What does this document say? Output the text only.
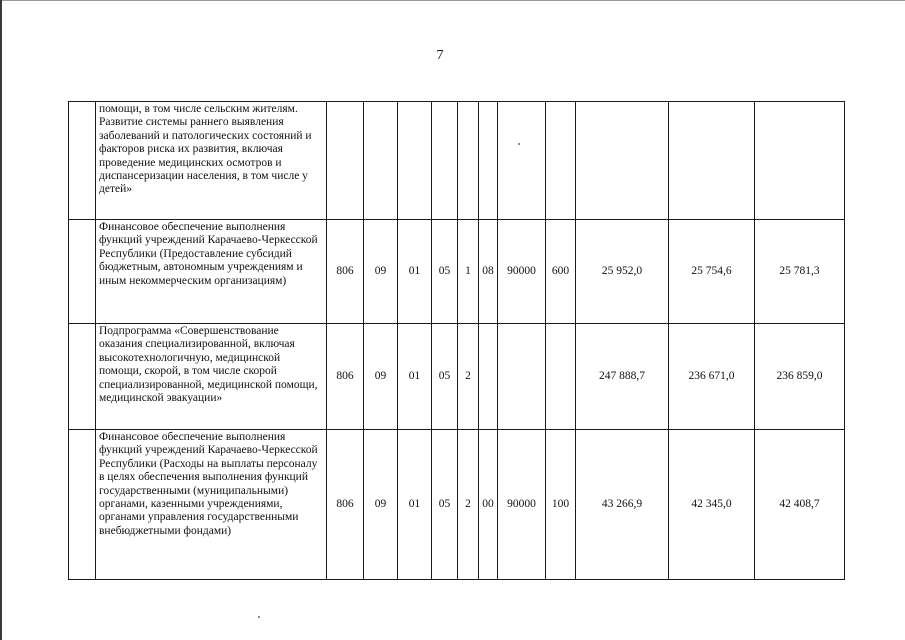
7
	помощи, в том числе сельским жителям. Развитие системы раннего выявления заболеваний и патологических состояний и факторов риска их развития, включая проведение медицинских осмотров и диспансеризации населения, в том числе у детей»											
	Финансовое обеспечение выполнения функций учреждений Карачаево-Черкесской Республики (Предоставление субсидий бюджетным, автономным учреждениям и иным некоммерческим организациям)	806	09	01	05	1	08	90000	600	25 952,0	25 754,6	25 781,3
	Подпрограмма «Совершенствование оказания специализированной, включая высокотехнологичную, медицинской помощи, скорой, в том числе скорой специализированной, медицинской помощи, медицинской эвакуации»	806	09	01	05	2				247 888,7	236 671,0	236 859,0
	Финансовое обеспечение выполнения функций учреждений Карачаево-Черкесской Республики (Расходы на выплаты персоналу в целях обеспечения выполнения функций государственными (муниципальными) органами, казенными учреждениями, органами управления государственными внебюджетными фондами)	806	09	01	05	2	00	90000	100	43 266,9	42 345,0	42 408,7
